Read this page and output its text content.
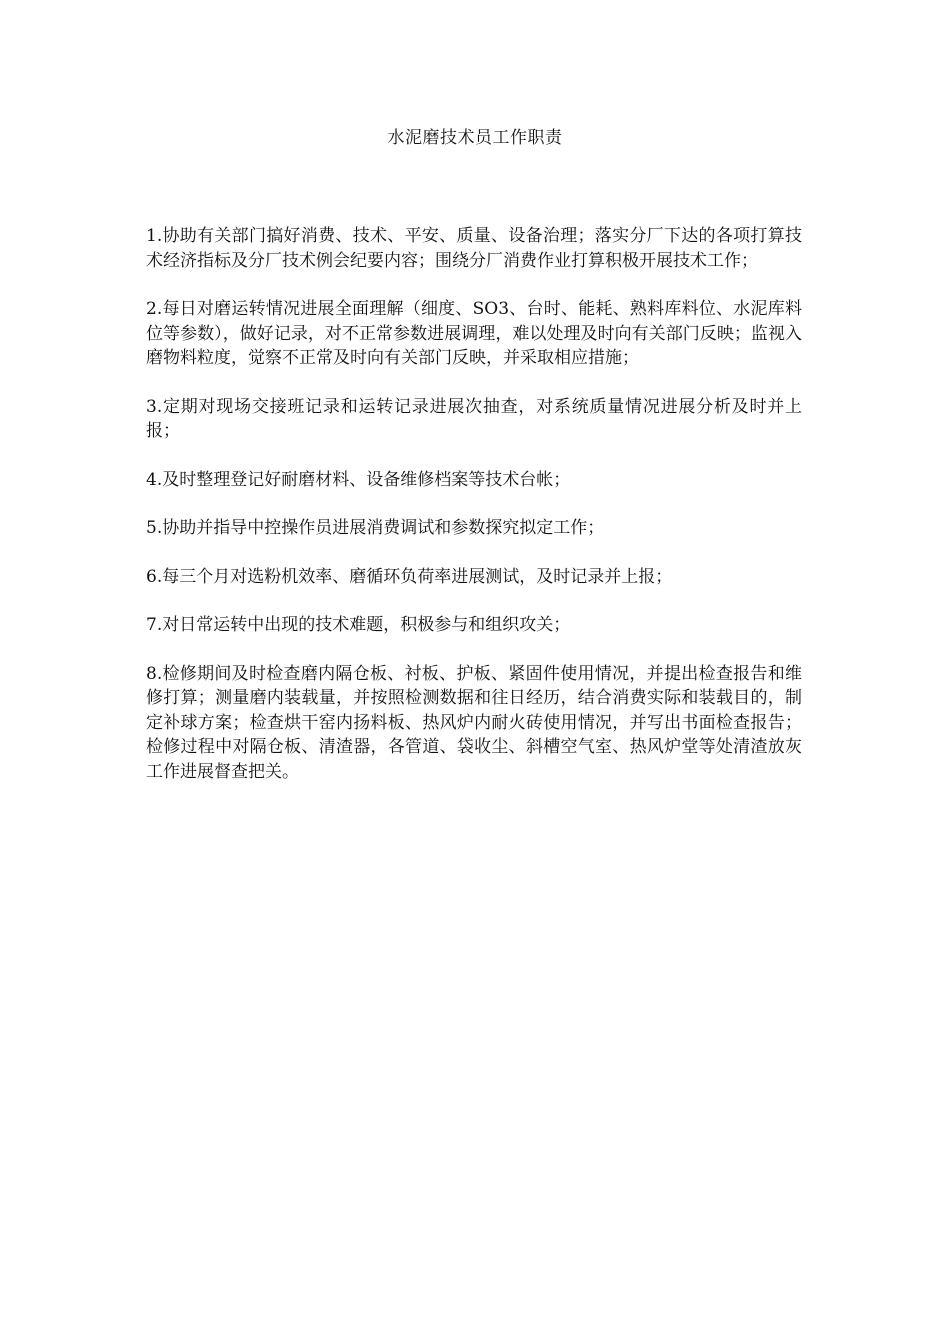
水泥磨技术员工作职责

1.协助有关部门搞好消费、技术、平安、质量、设备治理；落实分厂下达的各项打算技术经济指标及分厂技术例会纪要内容；围绕分厂消费作业打算积极开展技术工作；

2.每日对磨运转情况进展全面理解（细度、SO3、台时、能耗、熟料库料位、水泥库料位等参数），做好记录，对不正常参数进展调理，难以处理及时向有关部门反映；监视入磨物料粒度，觉察不正常及时向有关部门反映，并采取相应措施；

3.定期对现场交接班记录和运转记录进展次抽查，对系统质量情况进展分析及时并上报；

4.及时整理登记好耐磨材料、设备维修档案等技术台帐；

5.协助并指导中控操作员进展消费调试和参数探究拟定工作；

6.每三个月对选粉机效率、磨循环负荷率进展测试，及时记录并上报；

7.对日常运转中出现的技术难题，积极参与和组织攻关；

8.检修期间及时检查磨内隔仓板、衬板、护板、紧固件使用情况，并提出检查报告和维修打算；测量磨内装载量，并按照检测数据和往日经历，结合消费实际和装载目的，制定补球方案；检查烘干窑内扬料板、热风炉内耐火砖使用情况，并写出书面检查报告；检修过程中对隔仓板、清渣器，各管道、袋收尘、斜槽空气室、热风炉堂等处清渣放灰工作进展督查把关。
